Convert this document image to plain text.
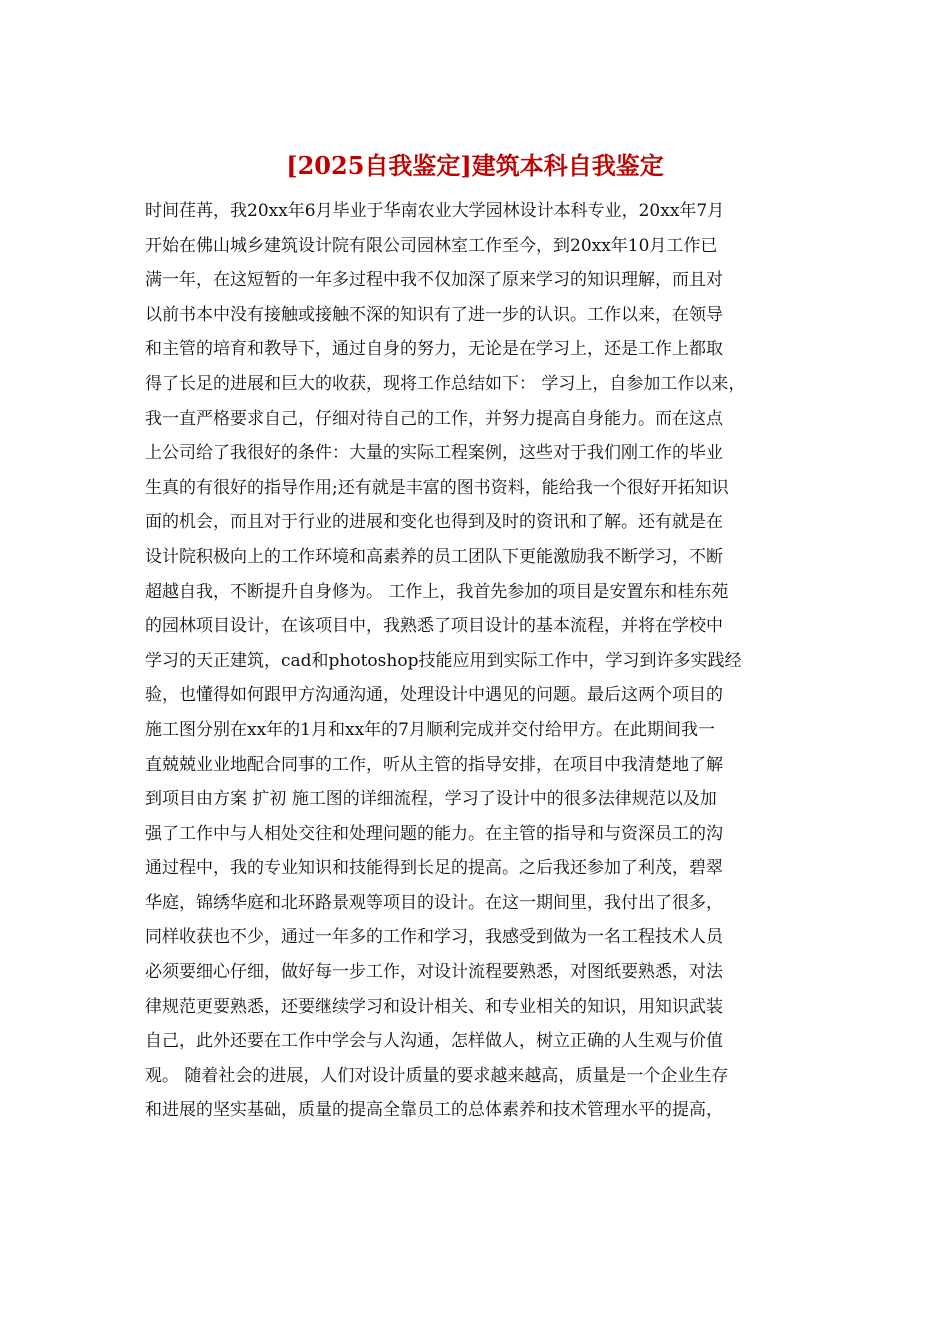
[2025自我鉴定]建筑本科自我鉴定
时间荏苒，我20xx年6月毕业于华南农业大学园林设计本科专业，20xx年7月
开始在佛山城乡建筑设计院有限公司园林室工作至今，到20xx年10月工作已
满一年，在这短暂的一年多过程中我不仅加深了原来学习的知识理解，而且对
以前书本中没有接触或接触不深的知识有了进一步的认识。工作以来，在领导
和主管的培育和教导下，通过自身的努力，无论是在学习上，还是工作上都取
得了长足的进展和巨大的收获，现将工作总结如下： 学习上，自参加工作以来，
我一直严格要求自己，仔细对待自己的工作，并努力提高自身能力。而在这点
上公司给了我很好的条件：大量的实际工程案例，这些对于我们刚工作的毕业
生真的有很好的指导作用;还有就是丰富的图书资料，能给我一个很好开拓知识
面的机会，而且对于行业的进展和变化也得到及时的资讯和了解。还有就是在
设计院积极向上的工作环境和高素养的员工团队下更能激励我不断学习，不断
超越自我，不断提升自身修为。 工作上，我首先参加的项目是安置东和桂东苑
的园林项目设计，在该项目中，我熟悉了项目设计的基本流程，并将在学校中
学习的天正建筑，cad和photoshop技能应用到实际工作中，学习到许多实践经
验，也懂得如何跟甲方沟通沟通，处理设计中遇见的问题。最后这两个项目的
施工图分别在xx年的1月和xx年的7月顺利完成并交付给甲方。在此期间我一
直兢兢业业地配合同事的工作，听从主管的指导安排，在项目中我清楚地了解
到项目由方案 扩初 施工图的详细流程，学习了设计中的很多法律规范以及加
强了工作中与人相处交往和处理问题的能力。在主管的指导和与资深员工的沟
通过程中，我的专业知识和技能得到长足的提高。之后我还参加了利茂，碧翠
华庭，锦绣华庭和北环路景观等项目的设计。在这一期间里，我付出了很多，
同样收获也不少，通过一年多的工作和学习，我感受到做为一名工程技术人员
必须要细心仔细，做好每一步工作，对设计流程要熟悉，对图纸要熟悉，对法
律规范更要熟悉，还要继续学习和设计相关、和专业相关的知识，用知识武装
自己，此外还要在工作中学会与人沟通，怎样做人，树立正确的人生观与价值
观。 随着社会的进展，人们对设计质量的要求越来越高，质量是一个企业生存
和进展的坚实基础，质量的提高全靠员工的总体素养和技术管理水平的提高，
